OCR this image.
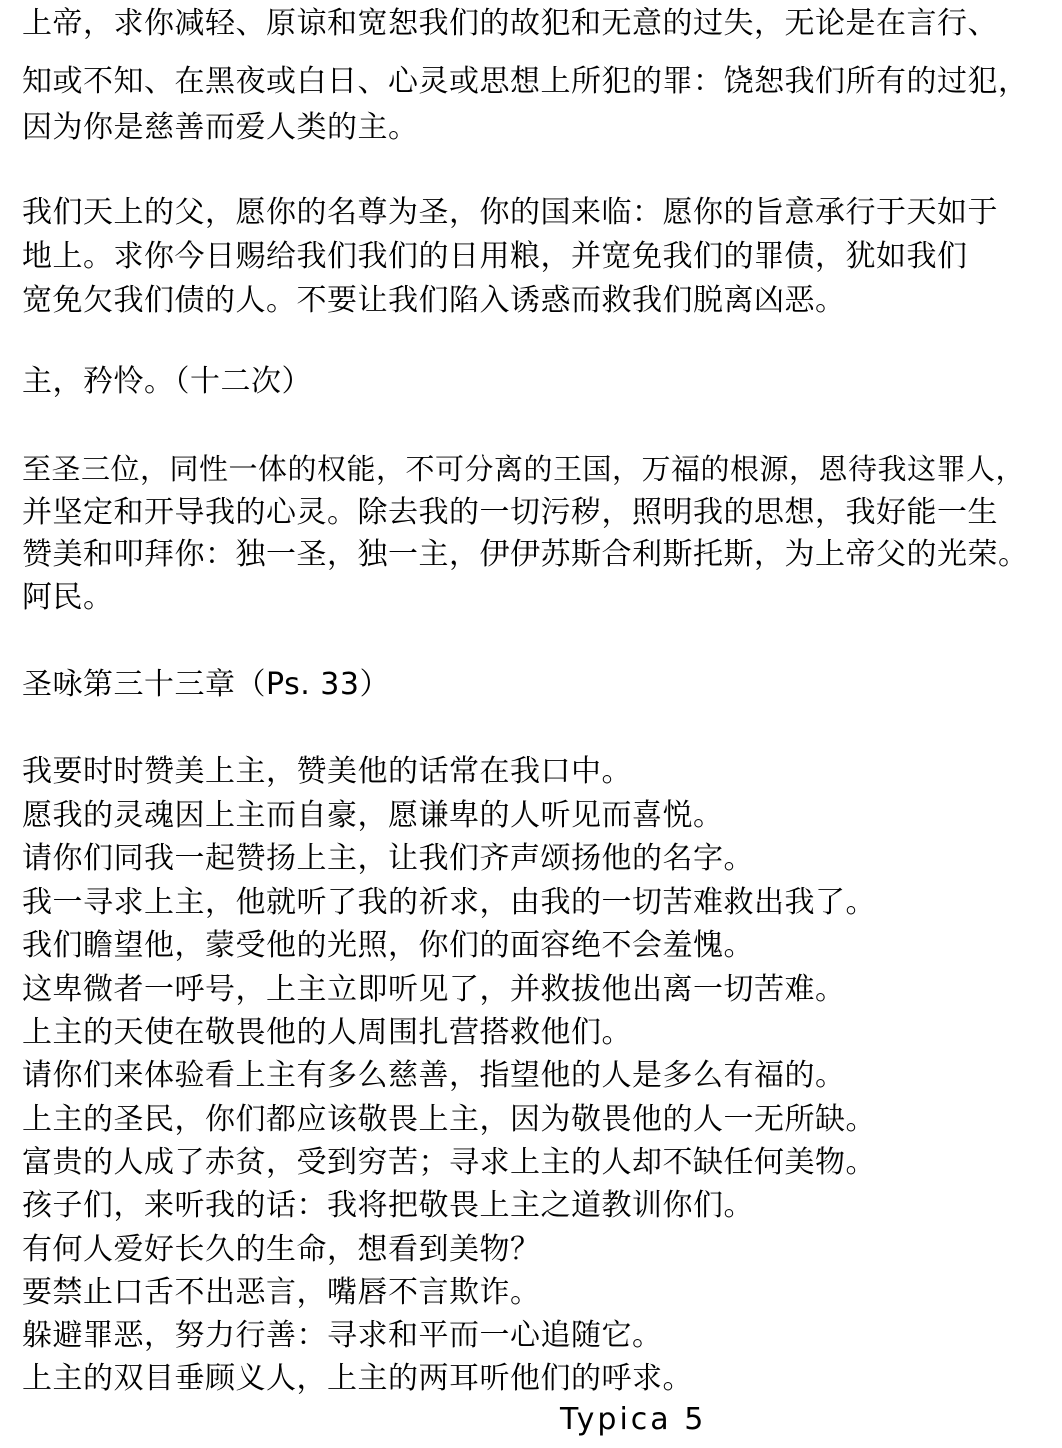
上帝，求你减轻、原谅和宽恕我们的故犯和无意的过失，无论是在言行、
知或不知、在黑夜或白日、心灵或思想上所犯的罪：饶恕我们所有的过犯，
因为你是慈善而爱人类的主。
我们天上的父，愿你的名尊为圣，你的国来临：愿你的旨意承行于天如于
地上。求你今日赐给我们我们的日用粮，并宽免我们的罪债，犹如我们
宽免欠我们债的人。不要让我们陷入诱惑而救我们脱离凶恶。
主，矜怜。（十二次）
至圣三位，同性一体的权能，不可分离的王国，万福的根源，恩待我这罪人，
并坚定和开导我的心灵。除去我的一切污秽，照明我的思想，我好能一生
赞美和叩拜你：独一圣，独一主，伊伊苏斯合利斯托斯，为上帝父的光荣。
阿民。
圣咏第三十三章（Ps. 33）
我要时时赞美上主，赞美他的话常在我口中。
愿我的灵魂因上主而自豪，愿谦卑的人听见而喜悦。
请你们同我一起赞扬上主，让我们齐声颂扬他的名字。
我一寻求上主，他就听了我的祈求，由我的一切苦难救出我了。
我们瞻望他，蒙受他的光照，你们的面容绝不会羞愧。
这卑微者一呼号，上主立即听见了，并救拔他出离一切苦难。
上主的天使在敬畏他的人周围扎营搭救他们。
请你们来体验看上主有多么慈善，指望他的人是多么有福的。
上主的圣民，你们都应该敬畏上主，因为敬畏他的人一无所缺。
富贵的人成了赤贫，受到穷苦；寻求上主的人却不缺任何美物。
孩子们，来听我的话：我将把敬畏上主之道教训你们。
有何人爱好长久的生命，想看到美物？
要禁止口舌不出恶言，嘴唇不言欺诈。
躲避罪恶，努力行善：寻求和平而一心追随它。
上主的双目垂顾义人，上主的两耳听他们的呼求。
Typica 5
